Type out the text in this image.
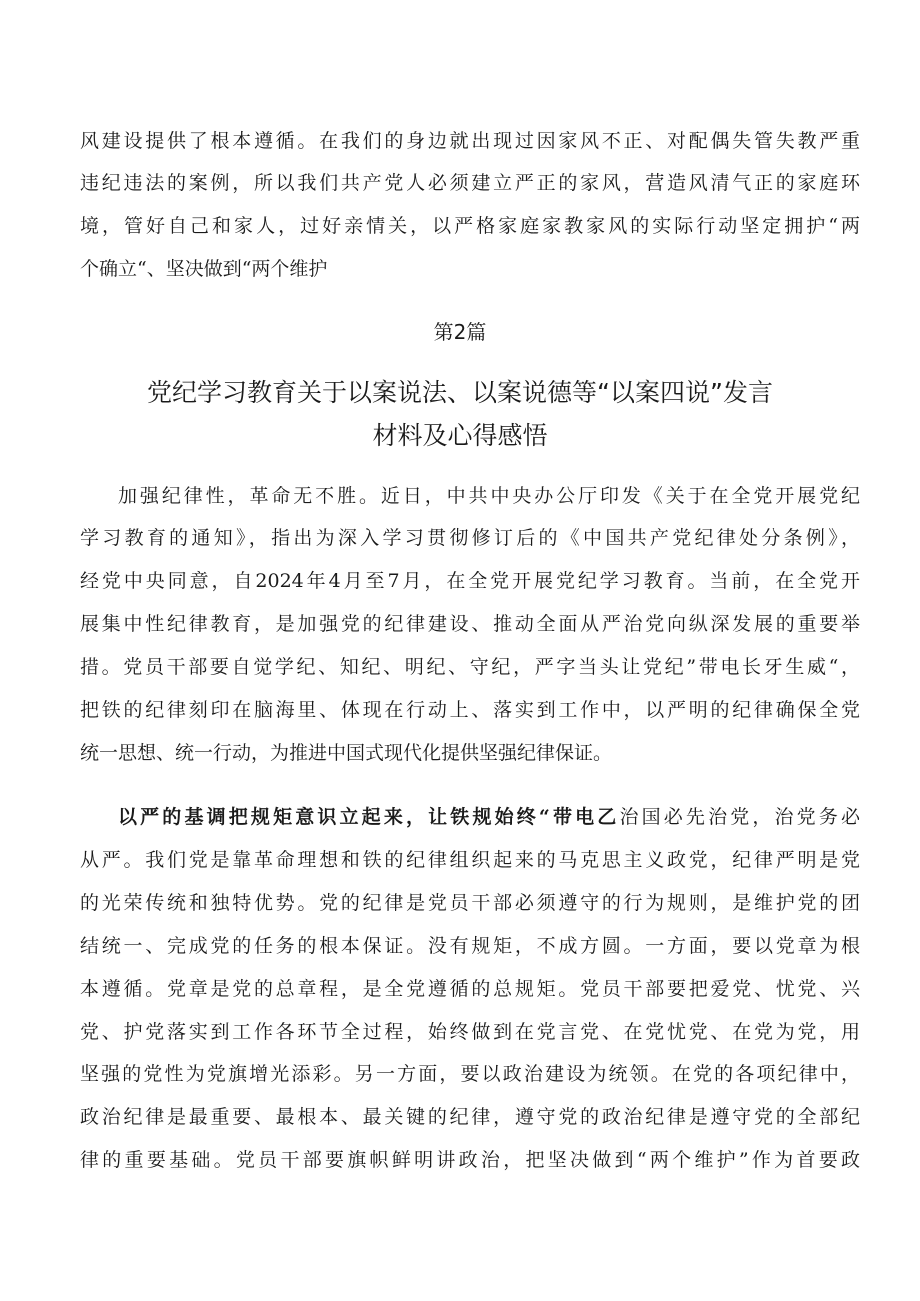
风建设提供了根本遵循。在我们的身边就出现过因家风不正、对配偶失管失教严重
违纪违法的案例，所以我们共产党人必须建立严正的家风，营造风清气正的家庭环
境，管好自己和家人，过好亲情关，以严格家庭家教家风的实际行动坚定拥护“两
个确立“、坚决做到“两个维护
第2篇
党纪学习教育关于以案说法、以案说德等“以案四说”发言
材料及心得感悟
加强纪律性，革命无不胜。近日，中共中央办公厅印发《关于在全党开展党纪
学习教育的通知》，指出为深入学习贯彻修订后的《中国共产党纪律处分条例》，
经党中央同意，自2024年4月至7月，在全党开展党纪学习教育。当前，在全党开
展集中性纪律教育，是加强党的纪律建设、推动全面从严治党向纵深发展的重要举
措。党员干部要自觉学纪、知纪、明纪、守纪，严字当头让党纪”带电长牙生威“，
把铁的纪律刻印在脑海里、体现在行动上、落实到工作中，以严明的纪律确保全党
统一思想、统一行动，为推进中国式现代化提供坚强纪律保证。
以严的基调把规矩意识立起来，让铁规始终“带电乙治国必先治党，治党务必
从严。我们党是靠革命理想和铁的纪律组织起来的马克思主义政党，纪律严明是党
的光荣传统和独特优势。党的纪律是党员干部必须遵守的行为规则，是维护党的团
结统一、完成党的任务的根本保证。没有规矩，不成方圆。一方面，要以党章为根
本遵循。党章是党的总章程，是全党遵循的总规矩。党员干部要把爱党、忧党、兴
党、护党落实到工作各环节全过程，始终做到在党言党、在党忧党、在党为党，用
坚强的党性为党旗增光添彩。另一方面，要以政治建设为统领。在党的各项纪律中，
政治纪律是最重要、最根本、最关键的纪律，遵守党的政治纪律是遵守党的全部纪
律的重要基础。党员干部要旗帜鲜明讲政治，把坚决做到“两个维护”作为首要政
